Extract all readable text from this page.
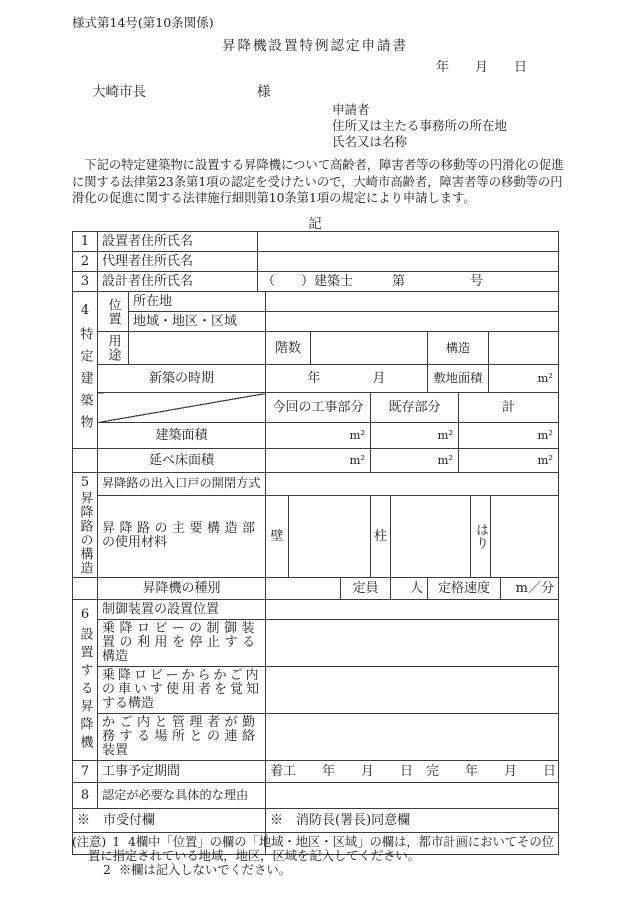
様式第14号(第10条関係)
昇降機設置特例認定申請書
年　　月　　日
大崎市長	様
申請者
住所又は主たる事務所の所在地
氏名又は名称
　下記の特定建築物に設置する昇降機について高齢者，障害者等の移動等の円滑化の促進
に関する法律第23条第1項の認定を受けたいので，大崎市高齢者，障害者等の移動等の円
滑化の促進に関する法律施行細則第10条第1項の規定により申請します。
記
1	設置者住所氏名	
2	代理者住所氏名	
3	設計者住所氏名	（　　）建築士　　　第　　　　　号
4特定建築物	位置	所在地						
		地域・地区・区域						
	用途		階数			構造		
	新築の時期		年　　　　月			敷地面積		m²
			今回の工事部分		既存部分		計	
	建築面積		m²		m²		m²	
	延べ床面積		m²		m²		m²	
5昇降路の構造	昇降路の出入口戸の開閉方式						

	昇降路の主要構造部
の使用材料	壁		柱		はり	
	昇降機の種別		定員	人	定格速度	m／分
6設置する昇降機	制御装置の設置位置	

	乗降ロビーの制御装
置の利用を停止する
構造	

	乗降ロビーからかご内
の車いす使用者を覚知
する構造	

	かご内と管理者が勤
務する場所との連絡
装置	

7	工事予定期間	着工　　年　　月　　日　完　　年　　月　　日
8	認定が必要な具体的な理由	
※　市受付欄	※　消防長(署長)同意欄

(注意) 1 4欄中「位置」の欄の「地域・地区・区域」の欄は，都市計画においてその位
置に指定されている地域，地区，区域を記入してください。
2 ※欄は記入しないでください。
